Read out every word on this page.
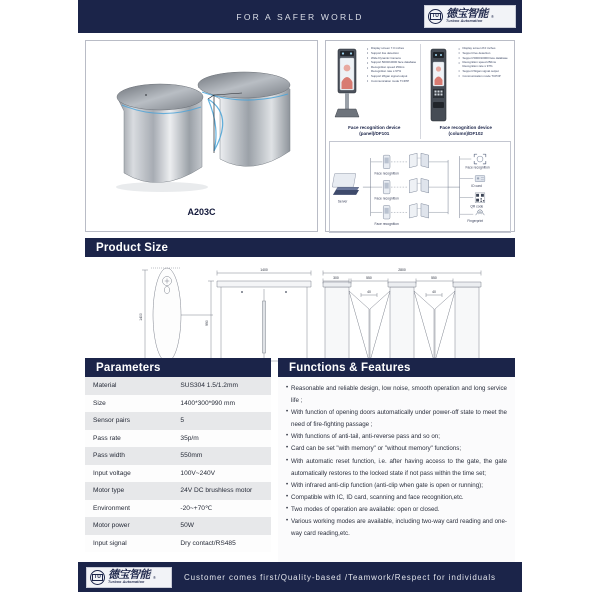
FOR A SAFER WORLD	TU 德宝智能
Turboo Automation
®
A203C
• Display screen 7.0 inches
• Support live detection
• Wide Dynamic Camera
• Support 5000/10000 face database
• Recognition speed 250ms Recognition rate ≥ 97%
• Support Wigan signal output
• Communication mode TCP/IP
Face recognition device
(panel)/DF101
• Display screen 8.0 inches
• Support live detection
• Support 5000/10000 face database
• Recognition speed 250ms Recognition rate ≥ 97%
• Support Wigan signal output
• Communication mode TCP/IP
Face recognition device
(column)/DF102
Server
Face recognition
Face recognition
Face recognition
Face recognition
ID card
QR code
Fingerprint
Product Size
1400
1400
990
2800
300	550	550
40	40
Parameters
Material	SUS304 1.5/1.2mm
Size	1400*300*990 mm
Sensor pairs	5
Pass rate	35p/m
Pass width	550mm
Input voltage	100V~240V
Motor type	24V DC brushless motor
Environment	-20~+70℃
Motor power	50W
Input signal	Dry contact/RS485
Functions & Features
• Reasonable and reliable design, low noise, smooth operation and long service life ;
• With function of opening doors automatically under power-off state to meet the need of fire-fighting passage ;
• With functions of anti-tail, anti-reverse pass and so on;
• Card can be set "with memory" or "without memory" functions;
• With automatic reset function, i.e. after having access to the gate, the gate automatically restores to the locked state if not pass within the time set;
• With infrared anti-clip function (anti-clip when gate is open or running);
• Compatible with IC, ID card, scanning and face recognition,etc.
• Two modes of operation are available: open or closed.
• Various working modes are available, including two-way card reading and one-way card reading,etc.
TU 德宝智能
Turboo Automation
®	Customer comes first/Quality-based /Teamwork/Respect for individuals
